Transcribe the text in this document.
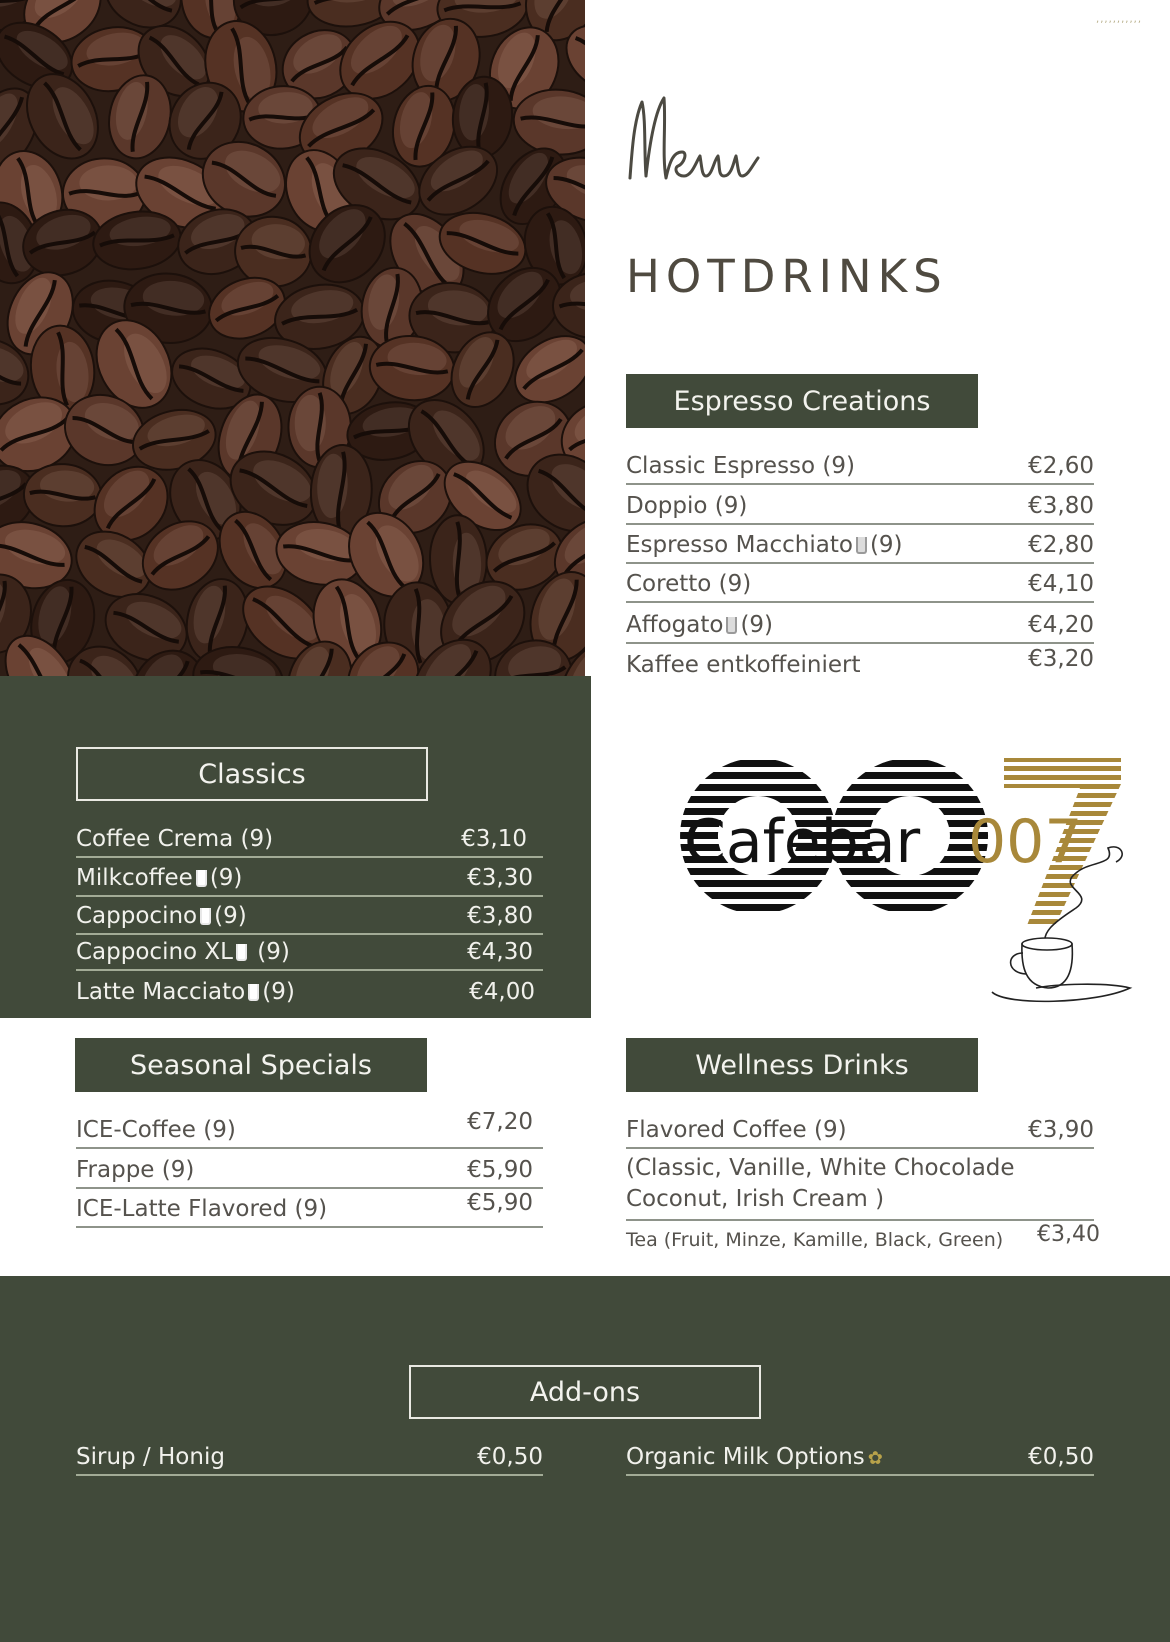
,,,,,,,,,,,
HOTDRINKS
Espresso Creations
Classic Espresso (9)	€2,60
Doppio (9)	€3,80
Espresso Macchiato (9)	€2,80
Coretto (9)	€4,10
Affogato (9)	€4,20
Kaffee entkoffeiniert	€3,20
Classics
Coffee Crema (9)	€3,10
Milkcoffee (9)	€3,30
Cappocino (9)	€3,80
Cappocino XL (9)	€4,30
Latte Macciato (9)	€4,00
Cafebar 007
Seasonal Specials
ICE-Coffee (9)	€7,20
Frappe (9)	€5,90
ICE-Latte Flavored (9)	€5,90
Wellness Drinks
Flavored Coffee (9)	€3,90
(Classic, Vanille, White Chocolade
Coconut, Irish Cream )
Tea (Fruit, Minze, Kamille, Black, Green) €3,40
Add-ons
Sirup / Honig	€0,50	Organic Milk Options ✿	€0,50
